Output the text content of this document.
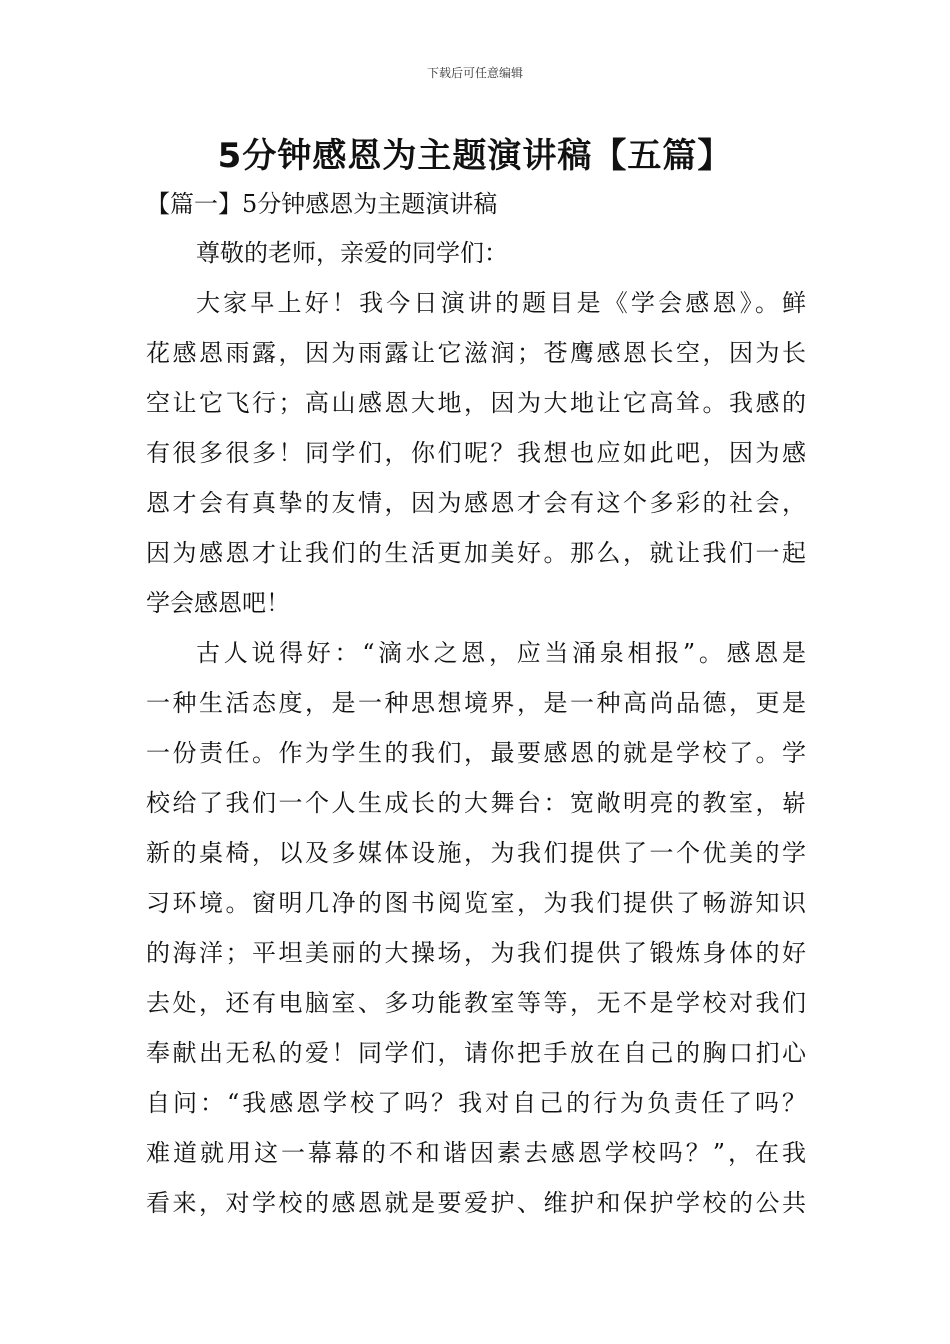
下载后可任意编辑
5分钟感恩为主题演讲稿【五篇】
【篇一】5分钟感恩为主题演讲稿
尊敬的老师，亲爱的同学们：
大家早上好！我今日演讲的题目是《学会感恩》。鲜
花感恩雨露，因为雨露让它滋润；苍鹰感恩长空，因为长
空让它飞行；高山感恩大地，因为大地让它高耸。我感的
有很多很多！同学们，你们呢？我想也应如此吧，因为感
恩才会有真挚的友情，因为感恩才会有这个多彩的社会，
因为感恩才让我们的生活更加美好。那么，就让我们一起
学会感恩吧！
古人说得好：“滴水之恩，应当涌泉相报”。感恩是
一种生活态度，是一种思想境界，是一种高尚品德，更是
一份责任。作为学生的我们，最要感恩的就是学校了。学
校给了我们一个人生成长的大舞台：宽敞明亮的教室，崭
新的桌椅，以及多媒体设施，为我们提供了一个优美的学
习环境。窗明几净的图书阅览室，为我们提供了畅游知识
的海洋；平坦美丽的大操场，为我们提供了锻炼身体的好
去处，还有电脑室、多功能教室等等，无不是学校对我们
奉献出无私的爱！同学们，请你把手放在自己的胸口扪心
自问：“我感恩学校了吗？我对自己的行为负责任了吗？
难道就用这一幕幕的不和谐因素去感恩学校吗？”，在我
看来，对学校的感恩就是要爱护、维护和保护学校的公共
